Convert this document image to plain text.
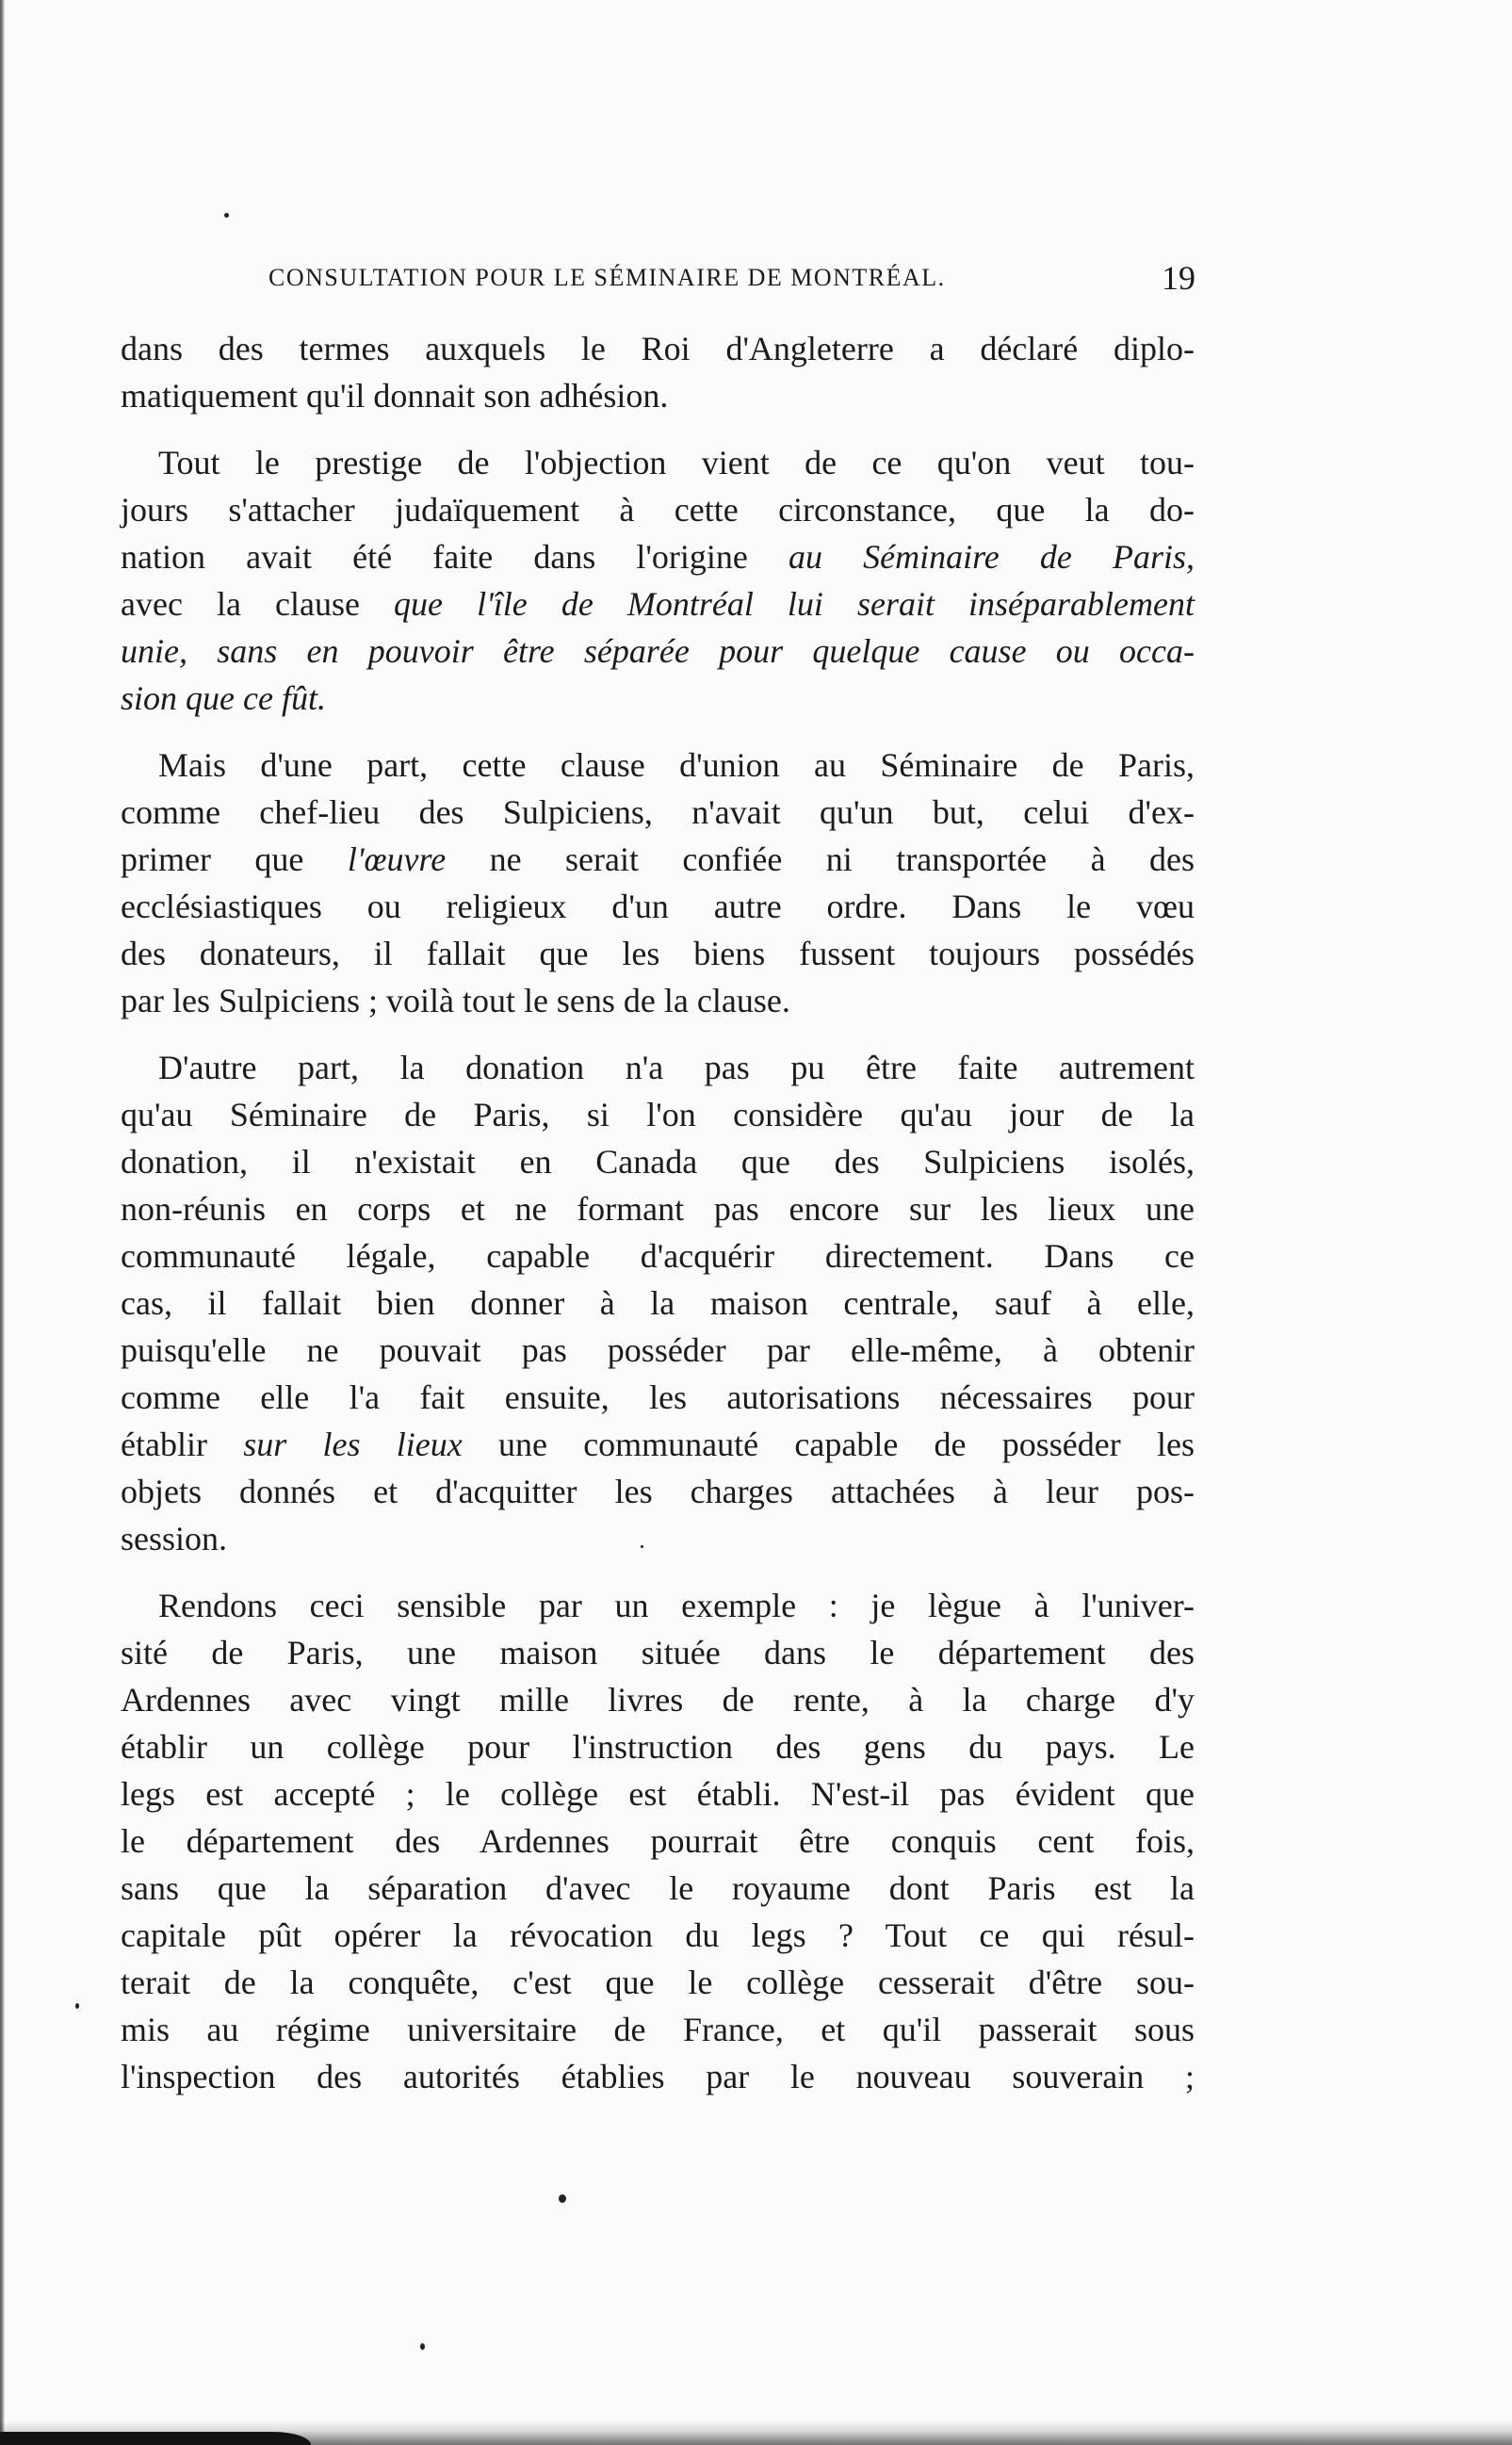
CONSULTATION POUR LE SÉMINAIRE DE MONTRÉAL.	19
dans des termes auxquels le Roi d'Angleterre a déclaré diplo-
matiquement qu'il donnait son adhésion.
Tout le prestige de l'objection vient de ce qu'on veut tou-
jours s'attacher judaïquement à cette circonstance, que la do-
nation avait été faite dans l'origine au Séminaire de Paris,
avec la clause que l'île de Montréal lui serait inséparablement
unie, sans en pouvoir être séparée pour quelque cause ou occa-
sion que ce fût.
Mais d'une part, cette clause d'union au Séminaire de Paris,
comme chef-lieu des Sulpiciens, n'avait qu'un but, celui d'ex-
primer que l'œuvre ne serait confiée ni transportée à des
ecclésiastiques ou religieux d'un autre ordre. Dans le vœu
des donateurs, il fallait que les biens fussent toujours possédés
par les Sulpiciens ; voilà tout le sens de la clause.
D'autre part, la donation n'a pas pu être faite autrement
qu'au Séminaire de Paris, si l'on considère qu'au jour de la
donation, il n'existait en Canada que des Sulpiciens isolés,
non-réunis en corps et ne formant pas encore sur les lieux une
communauté légale, capable d'acquérir directement. Dans ce
cas, il fallait bien donner à la maison centrale, sauf à elle,
puisqu'elle ne pouvait pas posséder par elle-même, à obtenir
comme elle l'a fait ensuite, les autorisations nécessaires pour
établir sur les lieux une communauté capable de posséder les
objets donnés et d'acquitter les charges attachées à leur pos-
session.
Rendons ceci sensible par un exemple : je lègue à l'univer-
sité de Paris, une maison située dans le département des
Ardennes avec vingt mille livres de rente, à la charge d'y
établir un collège pour l'instruction des gens du pays. Le
legs est accepté ; le collège est établi. N'est-il pas évident que
le département des Ardennes pourrait être conquis cent fois,
sans que la séparation d'avec le royaume dont Paris est la
capitale pût opérer la révocation du legs ? Tout ce qui résul-
terait de la conquête, c'est que le collège cesserait d'être sou-
mis au régime universitaire de France, et qu'il passerait sous
l'inspection des autorités établies par le nouveau souverain ;
